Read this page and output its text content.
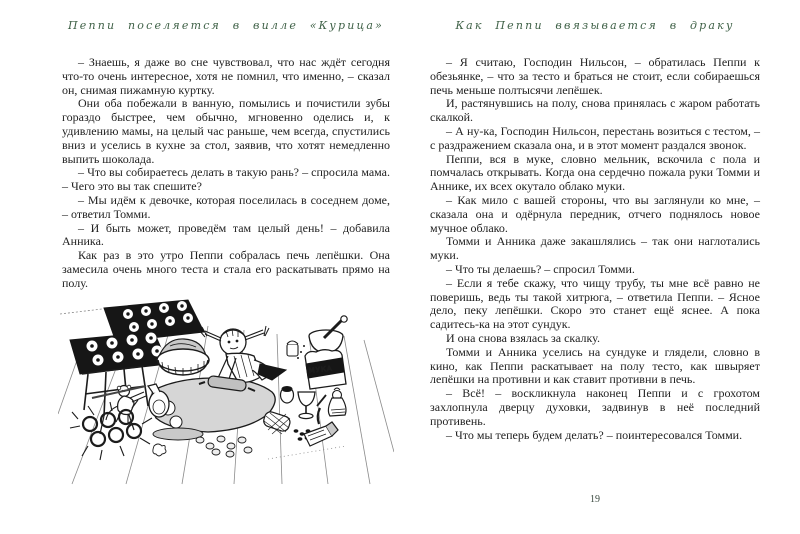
Пеппи поселяется в вилле «Курица»

– Знаешь, я даже во сне чувствовал, что нас ждёт сегодня что-то очень интересное, хотя не помнил, что именно, – сказал он, снимая пижамную куртку.

Они оба побежали в ванную, помылись и почистили зубы гораздо быстрее, чем обычно, мгновенно оделись и, к удивлению мамы, на целый час раньше, чем всегда, спустились вниз и уселись в кухне за стол, заявив, что хотят немедленно выпить шоколада.

– Что вы собираетесь делать в такую рань? – спросила мама. – Чего это вы так спешите?

– Мы идём к девочке, которая поселилась в соседнем доме, – ответил Томми.

– И быть может, проведём там целый день! – добавила Анника.

Как раз в это утро Пеппи собралась печь лепёшки. Она замесила очень много теста и стала его раскатывать прямо на полу.

МУКА
Как Пеппи ввязывается в драку

– Я считаю, Господин Нильсон, – обратилась Пеппи к обезьянке, – что за тесто и браться не стоит, если собираешься печь меньше полтысячи лепёшек.

И, растянувшись на полу, снова принялась с жаром работать скалкой.

– А ну-ка, Господин Нильсон, перестань возиться с тестом, – с раздражением сказала она, и в этот момент раздался звонок.

Пеппи, вся в муке, словно мельник, вскочила с пола и помчалась открывать. Когда она сердечно пожала руки Томми и Аннике, их всех окутало облако муки.

– Как мило с вашей стороны, что вы заглянули ко мне, – сказала она и одёрнула передник, отчего поднялось новое мучное облако.

Томми и Анника даже закашлялись – так они наглотались муки.

– Что ты делаешь? – спросил Томми.

– Если я тебе скажу, что чищу трубу, ты мне всё равно не поверишь, ведь ты такой хитрюга, – ответила Пеппи. – Ясное дело, пеку лепёшки. Скоро это станет ещё яснее. А пока садитесь-ка на этот сундук.

И она снова взялась за скалку.

Томми и Анника уселись на сундуке и глядели, словно в кино, как Пеппи раскатывает на полу тесто, как швыряет лепёшки на противни и как ставит противни в печь.

– Всё! – воскликнула наконец Пеппи и с грохотом захлопнула дверцу духовки, задвинув в неё последний противень.

– Что мы теперь будем делать? – поинтересовался Томми.

19
